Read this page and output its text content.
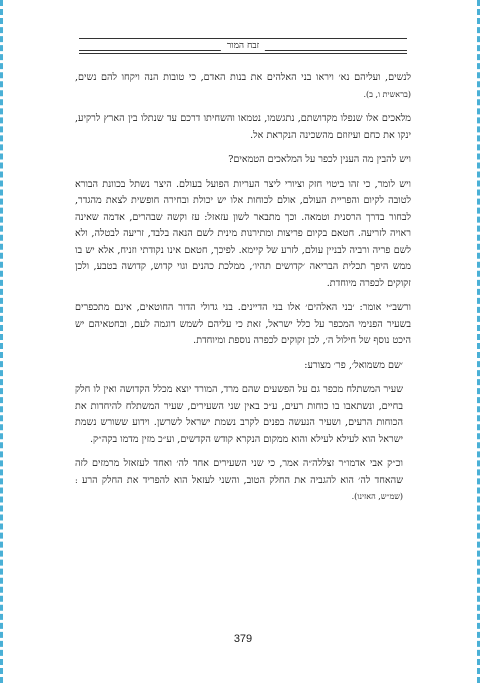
זבח המור

לנשים, ועליהם נא׳ ויראו בני האלהים את בנות האדם, כי טובות הנה ויקחו להם נשים, (בראשית ו, ב).

מלאכים אלו שנפלו מקדושתם, נתגשמו, נטמאו והשחיתו דרכם עד שנתלו בין הארץ לרקיע, ינקו את כחם ועיזוזם מהשכינה הנקראת אל.

ויש להבין מה הענין לכפר על המלאכים הטמאים?

ויש לומר, כי זהו ביטוי חזק וציורי ליצר העריות הפועל בעולם. היצר נשתל בכוונת הבורא לטובה לקיום והפריית העולם, אולם לכוחות אלו יש יכולת ובחירה חופשית לצאת מהגדר, לבחור בדרך הרסנית וטמאה. וכך מתבאר לשון עזאזל: עז וקשה שבהרים, אדמה שאינה ראויה לזריעה. חטאם בקיום פריצות ומתירנות מינית לשם הנאה בלבד, זריעה לבטלה, ולא לשם פריה ורביה לבניין עולם, לזרע של קיימא. לפיכך, חטאם אינו נקודתי וזניח, אלא יש בו ממש היפך תכלית הבריאה ׳קדושים תהיו׳, ממלכת כהנים וגוי קדוש, קדושה בטבע, ולכן זקוקים לכפרה מיוחדת.

ורשב״י אומר: ׳בני האלהים׳ אלו בני הדיינים. בני גדולי הדור החוטאים, אינם מתכפרים בשעיר הפנימי המכפר על כלל ישראל, זאת כי עליהם לשמש דוגמה לעם, ובחטאיהם יש היכט נוסף של חילול ה׳, לכן זקוקים לכפרה נוספת ומיוחדת.

׳שם משמואל׳, פר׳ מצורע:

שעיר המשתלח מכפר גם על הפשעים שהם מרד, המורד יוצא מכלל הקדושה ואין לו חלק בחיים, ונשתאבו בו כוחות רעים, ע״כ באין שני השעירים, שעיר המשתלח להיחדות את הכוחות הרעים, ושעיר הנעשה בפנים לקרב נשמת ישראל לשרשן. וידוע ששורש נשמת ישראל הוא לעילא לעילא והוא ממקום הנקרא קודש הקדשים, וע״כ מזין מדמו בקה״ק.

וכ״ק אבי אדמו״ר זצללה״ה אמר, כי שני השעירים אחד לה׳ ואחד לעזאזל מרמזים לזה שהאחד לה׳ הוא להגביה את החלק הטוב, והשני לעזאל הוא להפריד את החלק הרע : (שמ״ש, האזינו).

379
